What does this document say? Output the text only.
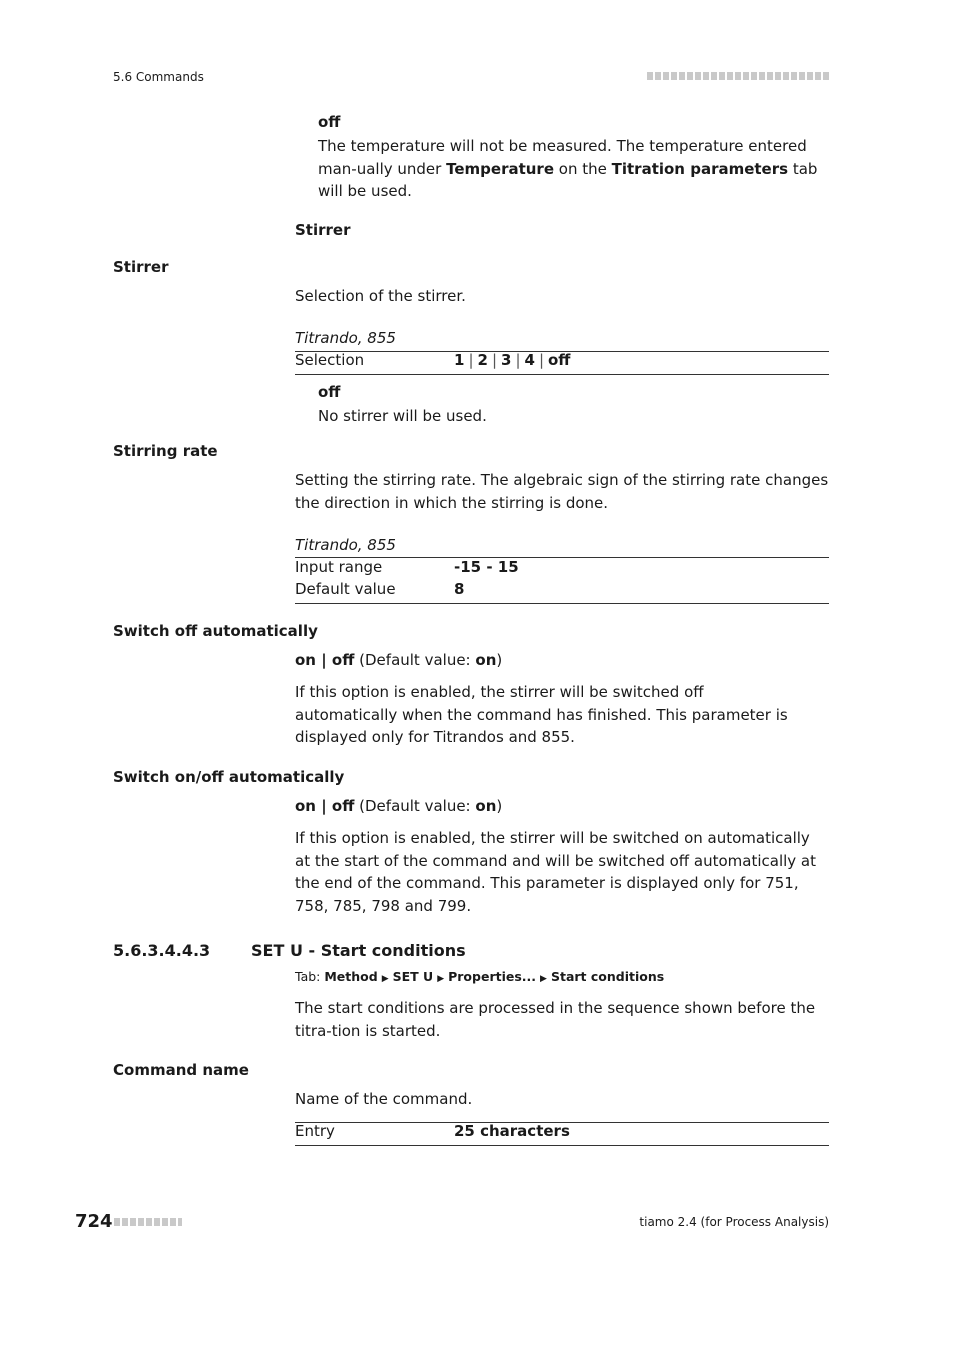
5.6 Commands
off
The temperature will not be measured. The temperature entered man-ually under Temperature on the Titration parameters tab will be used.
Stirrer
Stirrer
Selection of the stirrer.
Titrando, 855
Selection	1 | 2 | 3 | 4 | off
off
No stirrer will be used.
Stirring rate
Setting the stirring rate. The algebraic sign of the stirring rate changes the direction in which the stirring is done.
Titrando, 855
Input range	-15 - 15
Default value	8
Switch off automatically
on | off (Default value: on)
If this option is enabled, the stirrer will be switched off automatically when the command has finished. This parameter is displayed only for Titrandos and 855.
Switch on/off automatically
on | off (Default value: on)
If this option is enabled, the stirrer will be switched on automatically at the start of the command and will be switched off automatically at the end of the command. This parameter is displayed only for 751, 758, 785, 798 and 799.
5.6.3.4.4.3	SET U - Start conditions
Tab: Method ▶ SET U ▶ Properties... ▶ Start conditions
The start conditions are processed in the sequence shown before the titra-tion is started.
Command name
Name of the command.
Entry	25 characters
724	tiamo 2.4 (for Process Analysis)
